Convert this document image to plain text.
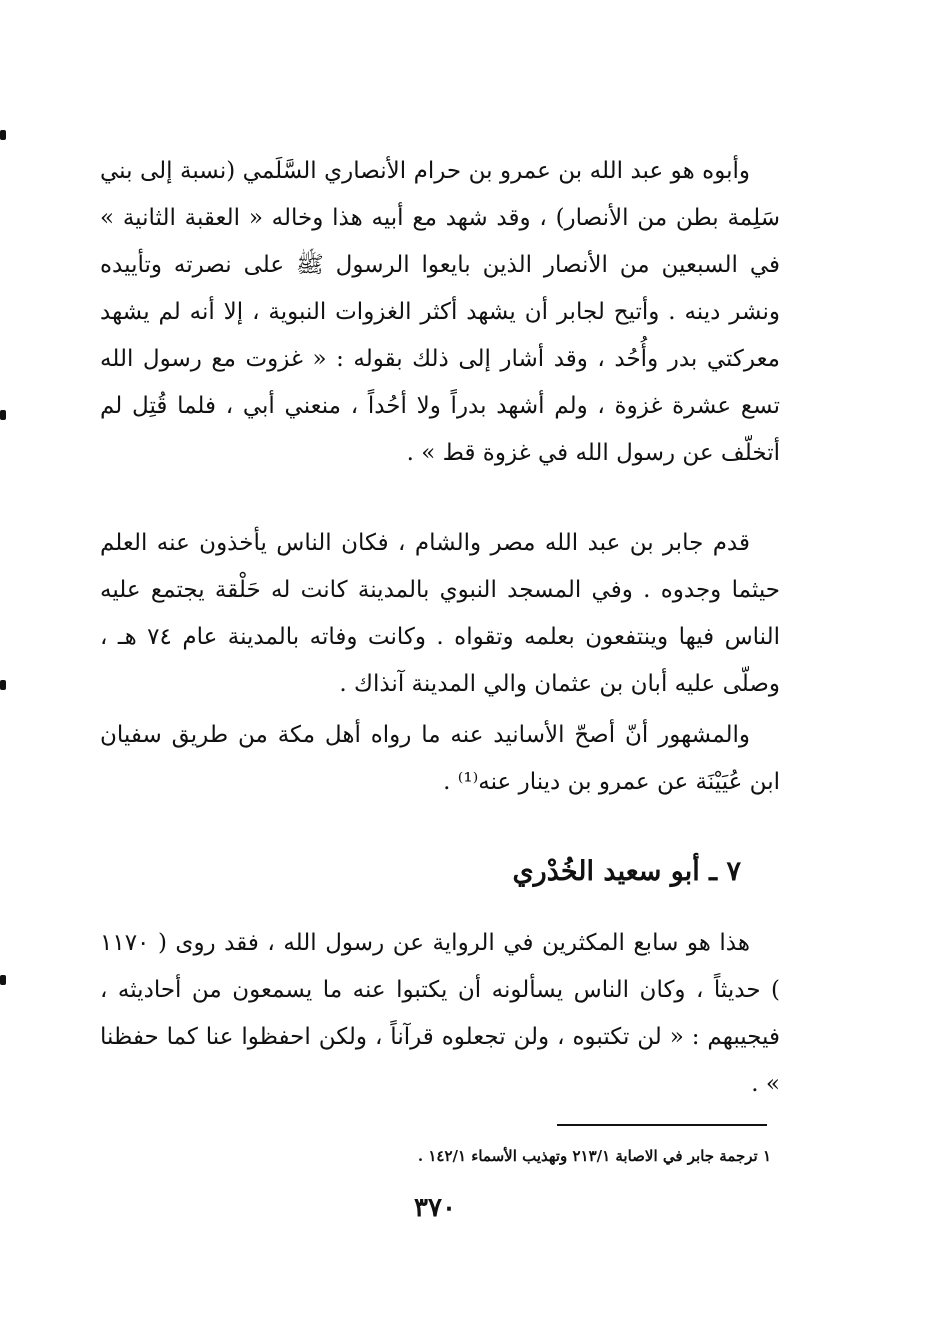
وأبوه هو عبد الله بن عمرو بن حرام الأنصاري السَّلَمي (نسبة إلى بني سَلِمة بطن من الأنصار) ، وقد شهد مع أبيه هذا وخاله « العقبة الثانية » في السبعين من الأنصار الذين بايعوا الرسول ﷺ على نصرته وتأييده ونشر دينه . وأتيح لجابر أن يشهد أكثر الغزوات النبوية ، إلا أنه لم يشهد معركتي بدر وأُحُد ، وقد أشار إلى ذلك بقوله : « غزوت مع رسول الله تسع عشرة غزوة ، ولم أشهد بدراً ولا أحُداً ، منعني أبي ، فلما قُتِل لم أتخلّف عن رسول الله في غزوة قط » .

قدم جابر بن عبد الله مصر والشام ، فكان الناس يأخذون عنه العلم حيثما وجدوه . وفي المسجد النبوي بالمدينة كانت له حَلْقة يجتمع عليه الناس فيها وينتفعون بعلمه وتقواه . وكانت وفاته بالمدينة عام ٧٤ هـ ، وصلّى عليه أبان بن عثمان والي المدينة آنذاك .

والمشهور أنّ أصحّ الأسانيد عنه ما رواه أهل مكة من طريق سفيان ابن عُيَيْنَة عن عمرو بن دينار عنه⁽¹⁾ .

٧ ـ أبو سعيد الخُدْري

هذا هو سابع المكثرين في الرواية عن رسول الله ، فقد روى ( ١١٧٠ ) حديثاً ، وكان الناس يسألونه أن يكتبوا عنه ما يسمعون من أحاديثه ، فيجيبهم : « لن تكتبوه ، ولن تجعلوه قرآناً ، ولكن احفظوا عنا كما حفظنا » .

١ ترجمة جابر في الاصابة ٢١٣/١ وتهذيب الأسماء ١٤٢/١ .
٣٧٠
